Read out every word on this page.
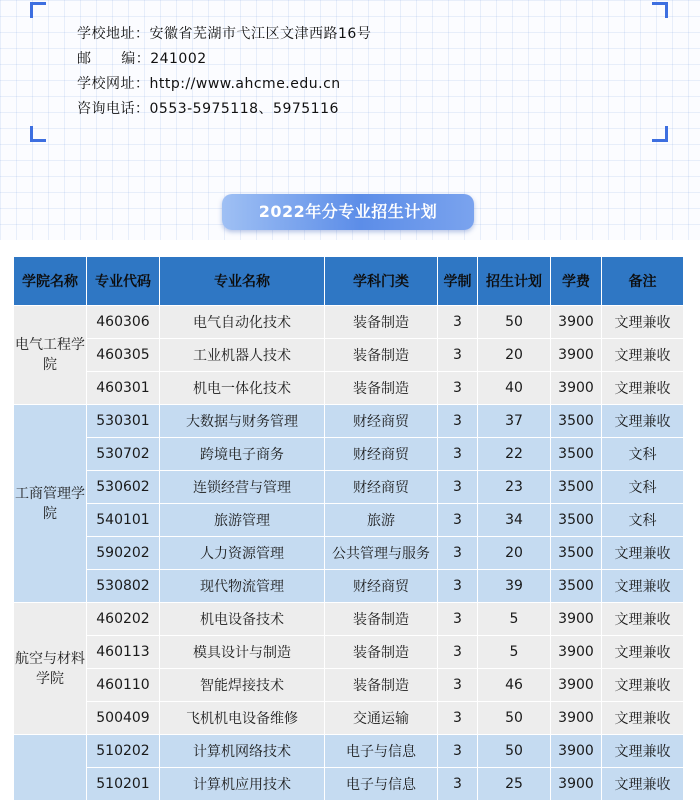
学校地址：安徽省芜湖市弋江区文津西路16号
邮      编：241002
学校网址：http://www.ahcme.edu.cn
咨询电话：0553-5975118、5975116
2022年分专业招生计划
学院名称	专业代码	专业名称	学科门类	学制	招生计划	学费	备注
电气工程学院	460306	电气自动化技术	装备制造	3	50	3900	文理兼收
	460305	工业机器人技术	装备制造	3	20	3900	文理兼收
	460301	机电一体化技术	装备制造	3	40	3900	文理兼收
工商管理学院	530301	大数据与财务管理	财经商贸	3	37	3500	文理兼收
	530702	跨境电子商务	财经商贸	3	22	3500	文科
	530602	连锁经营与管理	财经商贸	3	23	3500	文科
	540101	旅游管理	旅游	3	34	3500	文科
	590202	人力资源管理	公共管理与服务	3	20	3500	文理兼收
	530802	现代物流管理	财经商贸	3	39	3500	文理兼收
航空与材料学院	460202	机电设备技术	装备制造	3	5	3900	文理兼收
	460113	模具设计与制造	装备制造	3	5	3900	文理兼收
	460110	智能焊接技术	装备制造	3	46	3900	文理兼收
	500409	飞机机电设备维修	交通运输	3	50	3900	文理兼收
	510202	计算机网络技术	电子与信息	3	50	3900	文理兼收
	510201	计算机应用技术	电子与信息	3	25	3900	文理兼收
